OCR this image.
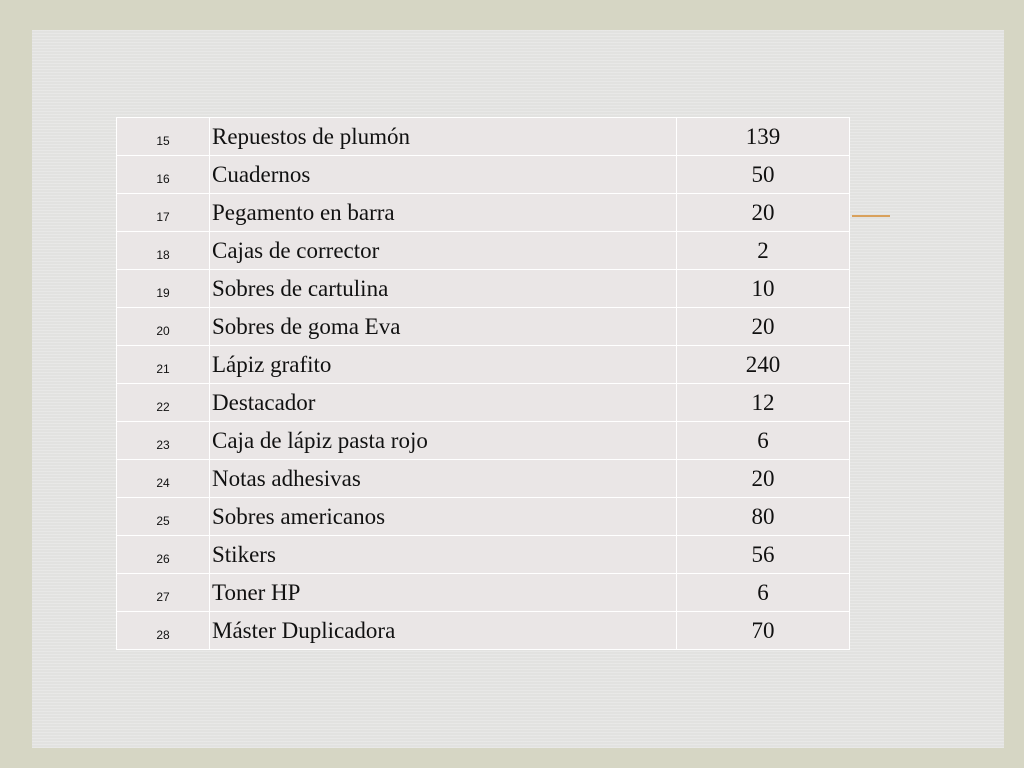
15	Repuestos de plumón	139
16	Cuadernos	50
17	Pegamento en barra	20
18	Cajas de corrector	2
19	Sobres de cartulina	10
20	Sobres de goma Eva	20
21	Lápiz grafito	240
22	Destacador	12
23	Caja de lápiz pasta rojo	6
24	Notas adhesivas	20
25	Sobres americanos	80
26	Stikers	56
27	Toner HP	6
28	Máster Duplicadora	70
